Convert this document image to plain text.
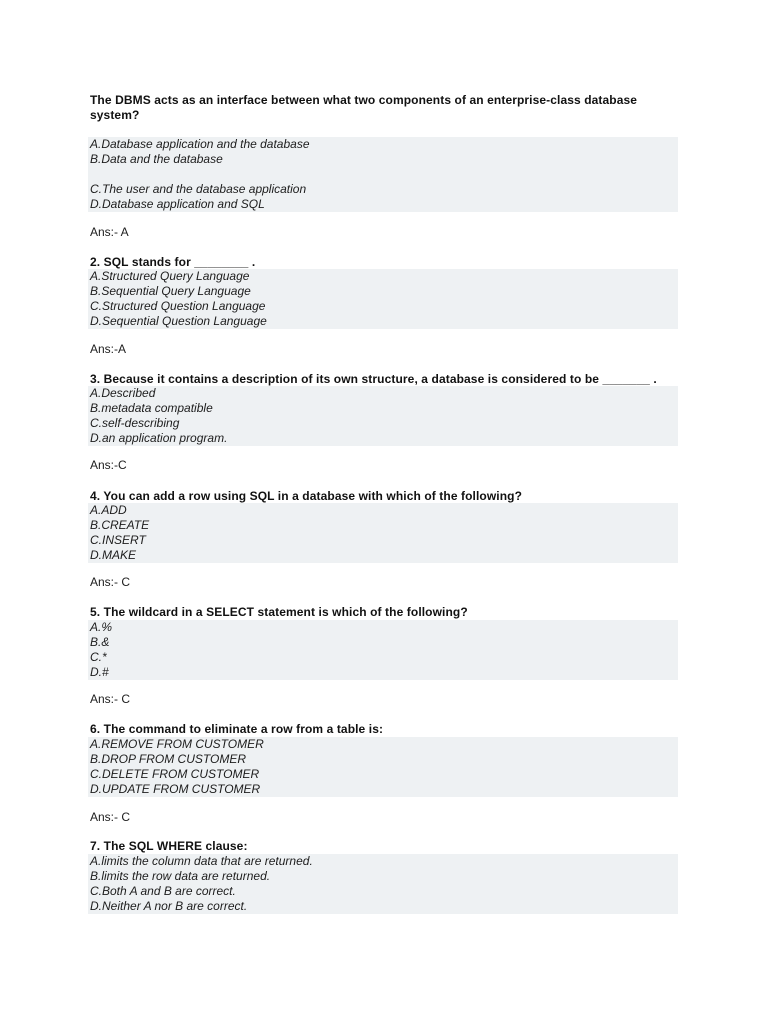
The DBMS acts as an interface between what two components of an enterprise-class database system?
A.Database application and the database
B.Data and the database
C.The user and the database application
D.Database application and SQL
Ans:- A
2. SQL stands for ________ .
A.Structured Query Language
B.Sequential Query Language
C.Structured Question Language
D.Sequential Question Language
Ans:-A
3. Because it contains a description of its own structure, a database is considered to be _______ .
A.Described
B.metadata compatible
C.self-describing
D.an application program.
Ans:-C
4. You can add a row using SQL in a database with which of the following?
A.ADD
B.CREATE
C.INSERT
D.MAKE
Ans:- C
5. The wildcard in a SELECT statement is which of the following?
A.%
B.&
C.*
D.#
Ans:- C
6. The command to eliminate a row from a table is:
A.REMOVE FROM CUSTOMER
B.DROP FROM CUSTOMER
C.DELETE FROM CUSTOMER
D.UPDATE FROM CUSTOMER
Ans:- C
7. The SQL WHERE clause:
A.limits the column data that are returned.
B.limits the row data are returned.
C.Both A and B are correct.
D.Neither A nor B are correct.
